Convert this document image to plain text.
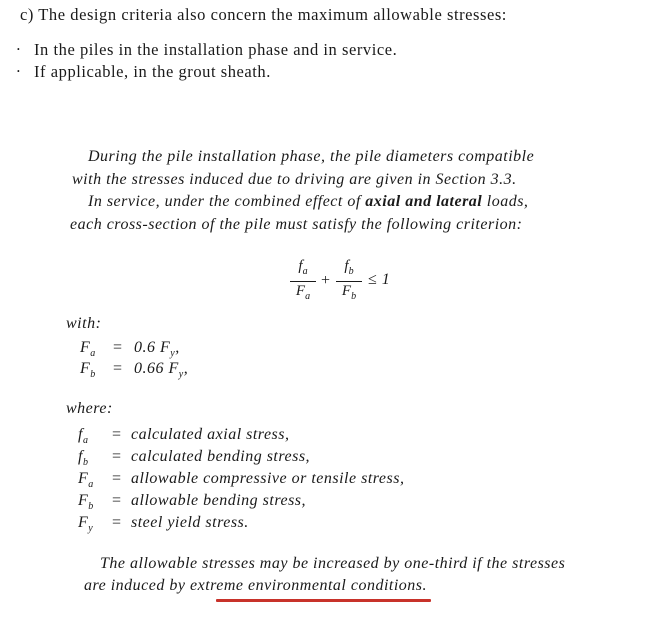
c) The design criteria also concern the maximum allowable stresses:
· In the piles in the installation phase and in service.
· If applicable, in the grout sheath.
During the pile installation phase, the pile diameters compatible
with the stresses induced due to driving are given in Section 3.3.
In service, under the combined effect of axial and lateral loads,
each cross-section of the pile must satisfy the following criterion:
$f_a$
$F_a$
+
$f_b$
$F_b$
≤ 1
with:
$F_a = 0.6$ $F_y$,
$F_b = 0.66$ $F_y$,
where:
$f_a$ = calculated axial stress,
$f_b$ = calculated bending stress,
$F_a$ = allowable compressive or tensile stress,
$F_b$ = allowable bending stress,
$F_y$ = steel yield stress.
The allowable stresses may be increased by one-third if the stresses
are induced by extreme environmental conditions.
